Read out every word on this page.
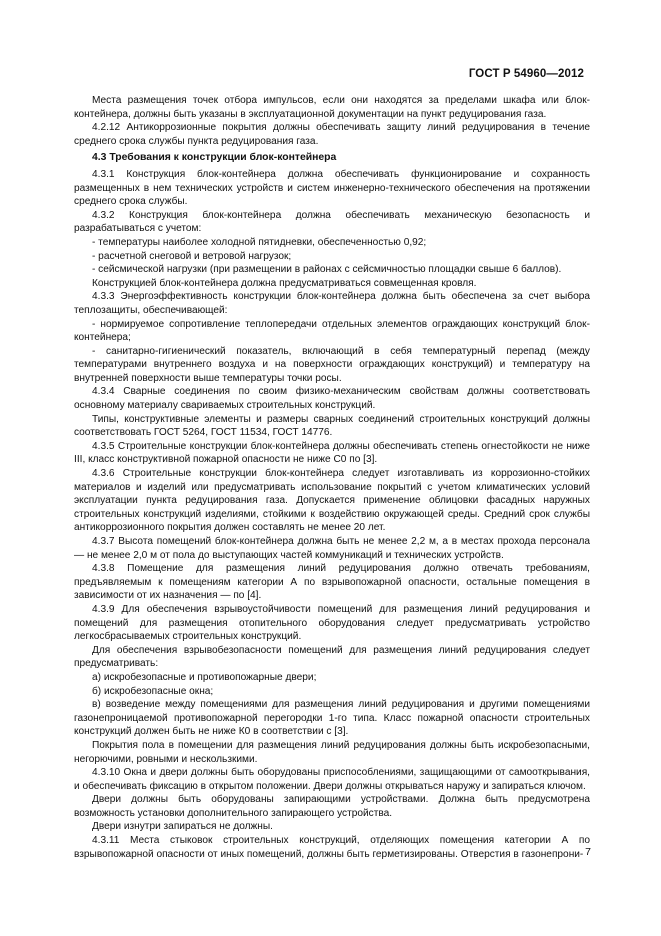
ГОСТ Р 54960—2012

Места размещения точек отбора импульсов, если они находятся за пределами шкафа или блок-контейнера, должны быть указаны в эксплуатационной документации на пункт редуцирования газа.

4.2.12 Антикоррозионные покрытия должны обеспечивать защиту линий редуцирования в течение среднего срока службы пункта редуцирования газа.

4.3 Требования к конструкции блок-контейнера

4.3.1 Конструкция блок-контейнера должна обеспечивать функционирование и сохранность размещенных в нем технических устройств и систем инженерно-технического обеспечения на протяжении среднего срока службы.

4.3.2 Конструкция блок-контейнера должна обеспечивать механическую безопасность и разрабатываться с учетом:

- температуры наиболее холодной пятидневки, обеспеченностью 0,92;

- расчетной снеговой и ветровой нагрузок;

- сейсмической нагрузки (при размещении в районах с сейсмичностью площадки свыше 6 баллов).

Конструкцией блок-контейнера должна предусматриваться совмещенная кровля.

4.3.3 Энергоэффективность конструкции блок-контейнера должна быть обеспечена за счет выбора теплозащиты, обеспечивающей:

- нормируемое сопротивление теплопередачи отдельных элементов ограждающих конструкций блок-контейнера;

- санитарно-гигиенический показатель, включающий в себя температурный перепад (между температурами внутреннего воздуха и на поверхности ограждающих конструкций) и температуру на внутренней поверхности выше температуры точки росы.

4.3.4 Сварные соединения по своим физико-механическим свойствам должны соответствовать основному материалу свариваемых строительных конструкций.

Типы, конструктивные элементы и размеры сварных соединений строительных конструкций должны соответствовать ГОСТ 5264, ГОСТ 11534, ГОСТ 14776.

4.3.5 Строительные конструкции блок-контейнера должны обеспечивать степень огнестойкости не ниже III, класс конструктивной пожарной опасности не ниже С0 по [3].

4.3.6 Строительные конструкции блок-контейнера следует изготавливать из коррозионно-стойких материалов и изделий или предусматривать использование покрытий с учетом климатических условий эксплуатации пункта редуцирования газа. Допускается применение облицовки фасадных наружных строительных конструкций изделиями, стойкими к воздействию окружающей среды. Средний срок службы антикоррозионного покрытия должен составлять не менее 20 лет.

4.3.7 Высота помещений блок-контейнера должна быть не менее 2,2 м, а в местах прохода персонала — не менее 2,0 м от пола до выступающих частей коммуникаций и технических устройств.

4.3.8 Помещение для размещения линий редуцирования должно отвечать требованиям, предъявляемым к помещениям категории А по взрывопожарной опасности, остальные помещения в зависимости от их назначения — по [4].

4.3.9 Для обеспечения взрывоустойчивости помещений для размещения линий редуцирования и помещений для размещения отопительного оборудования следует предусматривать устройство легкосбрасываемых строительных конструкций.

Для обеспечения взрывобезопасности помещений для размещения линий редуцирования следует предусматривать:

а) искробезопасные и противопожарные двери;

б) искробезопасные окна;

в) возведение между помещениями для размещения линий редуцирования и другими помещениями газонепроницаемой противопожарной перегородки 1-го типа. Класс пожарной опасности строительных конструкций должен быть не ниже К0 в соответствии с [3].

Покрытия пола в помещении для размещения линий редуцирования должны быть искробезопасными, негорючими, ровными и нескользкими.

4.3.10 Окна и двери должны быть оборудованы приспособлениями, защищающими от самооткрывания, и обеспечивать фиксацию в открытом положении. Двери должны открываться наружу и запираться ключом.

Двери должны быть оборудованы запирающими устройствами. Должна быть предусмотрена возможность установки дополнительного запирающего устройства.

Двери изнутри запираться не должны.

4.3.11 Места стыковок строительных конструкций, отделяющих помещения категории А по взрывопожарной опасности от иных помещений, должны быть герметизированы. Отверстия в газонепрони- 7
